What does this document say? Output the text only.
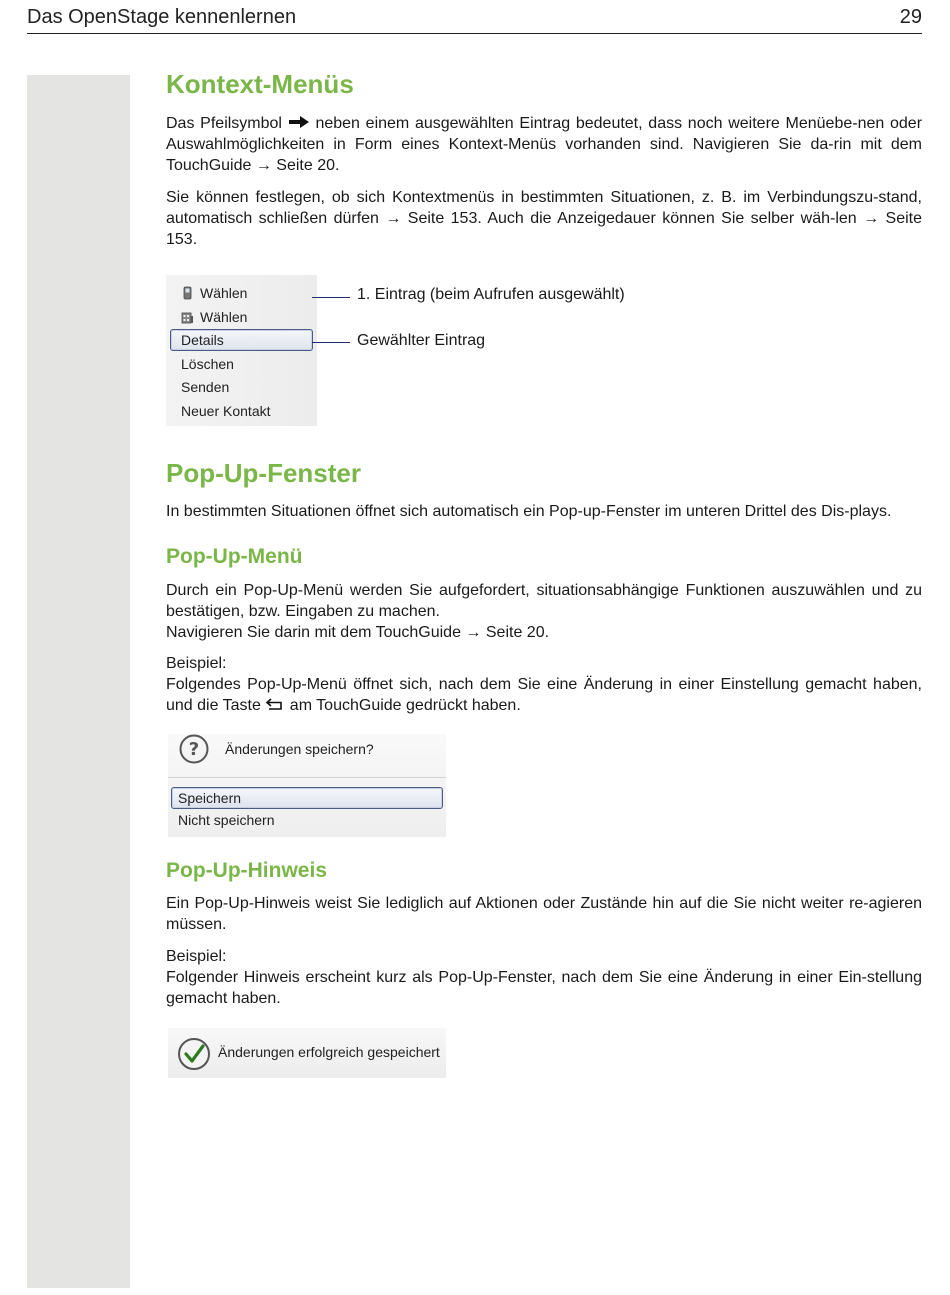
Das OpenStage kennenlernen	29
Kontext-Menüs

Das Pfeilsymbol neben einem ausgewählten Eintrag bedeutet, dass noch weitere Menüebe-nen oder Auswahlmöglichkeiten in Form eines Kontext-Menüs vorhanden sind. Navigieren Sie da-rin mit dem TouchGuide → Seite 20.

Sie können festlegen, ob sich Kontextmenüs in bestimmten Situationen, z. B. im Verbindungszu-stand, automatisch schließen dürfen → Seite 153. Auch die Anzeigedauer können Sie selber wäh-len → Seite 153.

Wählen
Wählen
Details
Löschen
Senden
Neuer Kontakt
1. Eintrag (beim Aufrufen ausgewählt)
Gewählter Eintrag
Pop-Up-Fenster

In bestimmten Situationen öffnet sich automatisch ein Pop-up-Fenster im unteren Drittel des Dis-plays.

Pop-Up-Menü

Durch ein Pop-Up-Menü werden Sie aufgefordert, situationsabhängige Funktionen auszuwählen und zu bestätigen, bzw. Eingaben zu machen.
Navigieren Sie darin mit dem TouchGuide → Seite 20.

Beispiel:
Folgendes Pop-Up-Menü öffnet sich, nach dem Sie eine Änderung in einer Einstellung gemacht haben, und die Taste am TouchGuide gedrückt haben.

? Änderungen speichern?
Speichern
Nicht speichern
Pop-Up-Hinweis

Ein Pop-Up-Hinweis weist Sie lediglich auf Aktionen oder Zustände hin auf die Sie nicht weiter re-agieren müssen.

Beispiel:
Folgender Hinweis erscheint kurz als Pop-Up-Fenster, nach dem Sie eine Änderung in einer Ein-stellung gemacht haben.

Änderungen erfolgreich gespeichert
